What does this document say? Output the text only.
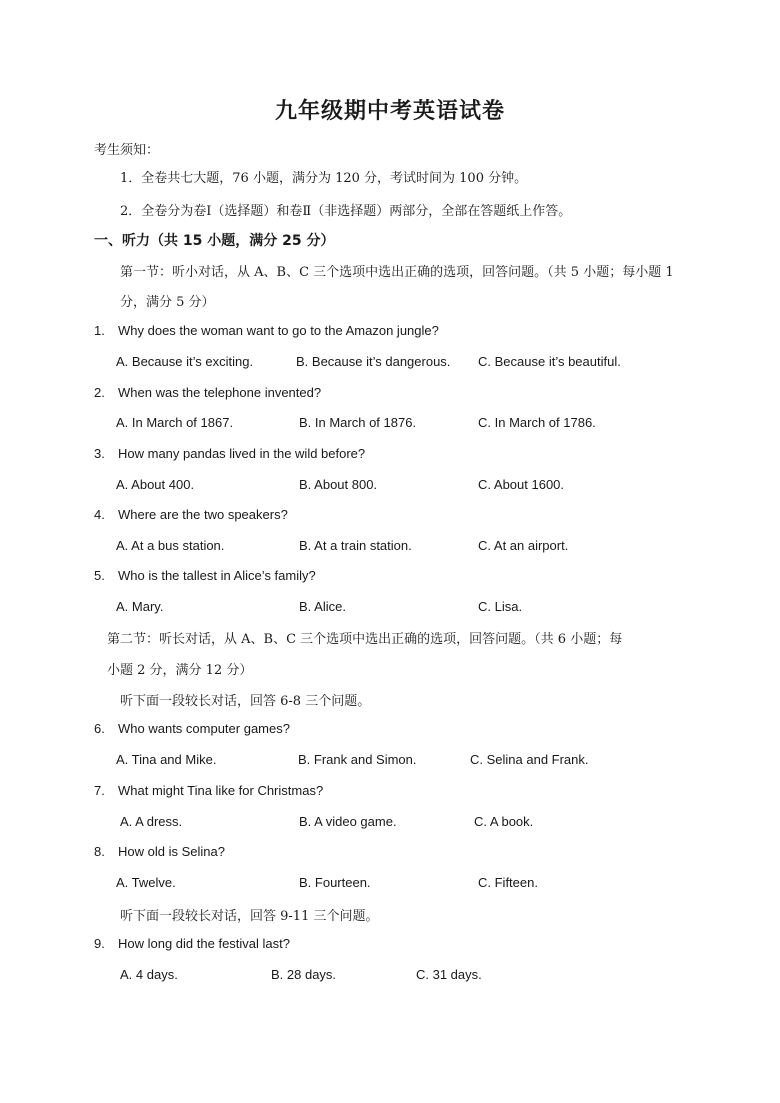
九年级期中考英语试卷
考生须知：
1．全卷共七大题，76 小题，满分为 120 分，考试时间为 100 分钟。
2．全卷分为卷Ⅰ（选择题）和卷Ⅱ（非选择题）两部分，全部在答题纸上作答。
一、听力（共 15 小题，满分 25 分）
第一节：听小对话，从 A、B、C 三个选项中选出正确的选项，回答问题。（共 5 小题；每小题 1
分，满分 5 分）
1. Why does the woman want to go to the Amazon jungle?
A. Because it’s exciting.	B. Because it’s dangerous. C. Because it’s beautiful.
2. When was the telephone invented?
A. In March of 1867.	B. In March of 1876.	C. In March of 1786.
3. How many pandas lived in the wild before?
A. About 400.	B. About 800.	C. About 1600.
4. Where are the two speakers?
A. At a bus station.	B. At a train station.	C. At an airport.
5. Who is the tallest in Alice’s family?
A. Mary.	B. Alice.	C. Lisa.
第二节：听长对话，从 A、B、C 三个选项中选出正确的选项，回答问题。（共 6 小题；每
小题 2 分，满分 12 分）
听下面一段较长对话，回答 6-8 三个问题。
6. Who wants computer games?
A. Tina and Mike.	B. Frank and Simon.	C. Selina and Frank.
7. What might Tina like for Christmas?
A. A dress.	B. A video game.	C. A book.
8. How old is Selina?
A. Twelve.	B. Fourteen.	C. Fifteen.
听下面一段较长对话，回答 9-11 三个问题。
9. How long did the festival last?
A. 4 days.	B. 28 days.	C. 31 days.
